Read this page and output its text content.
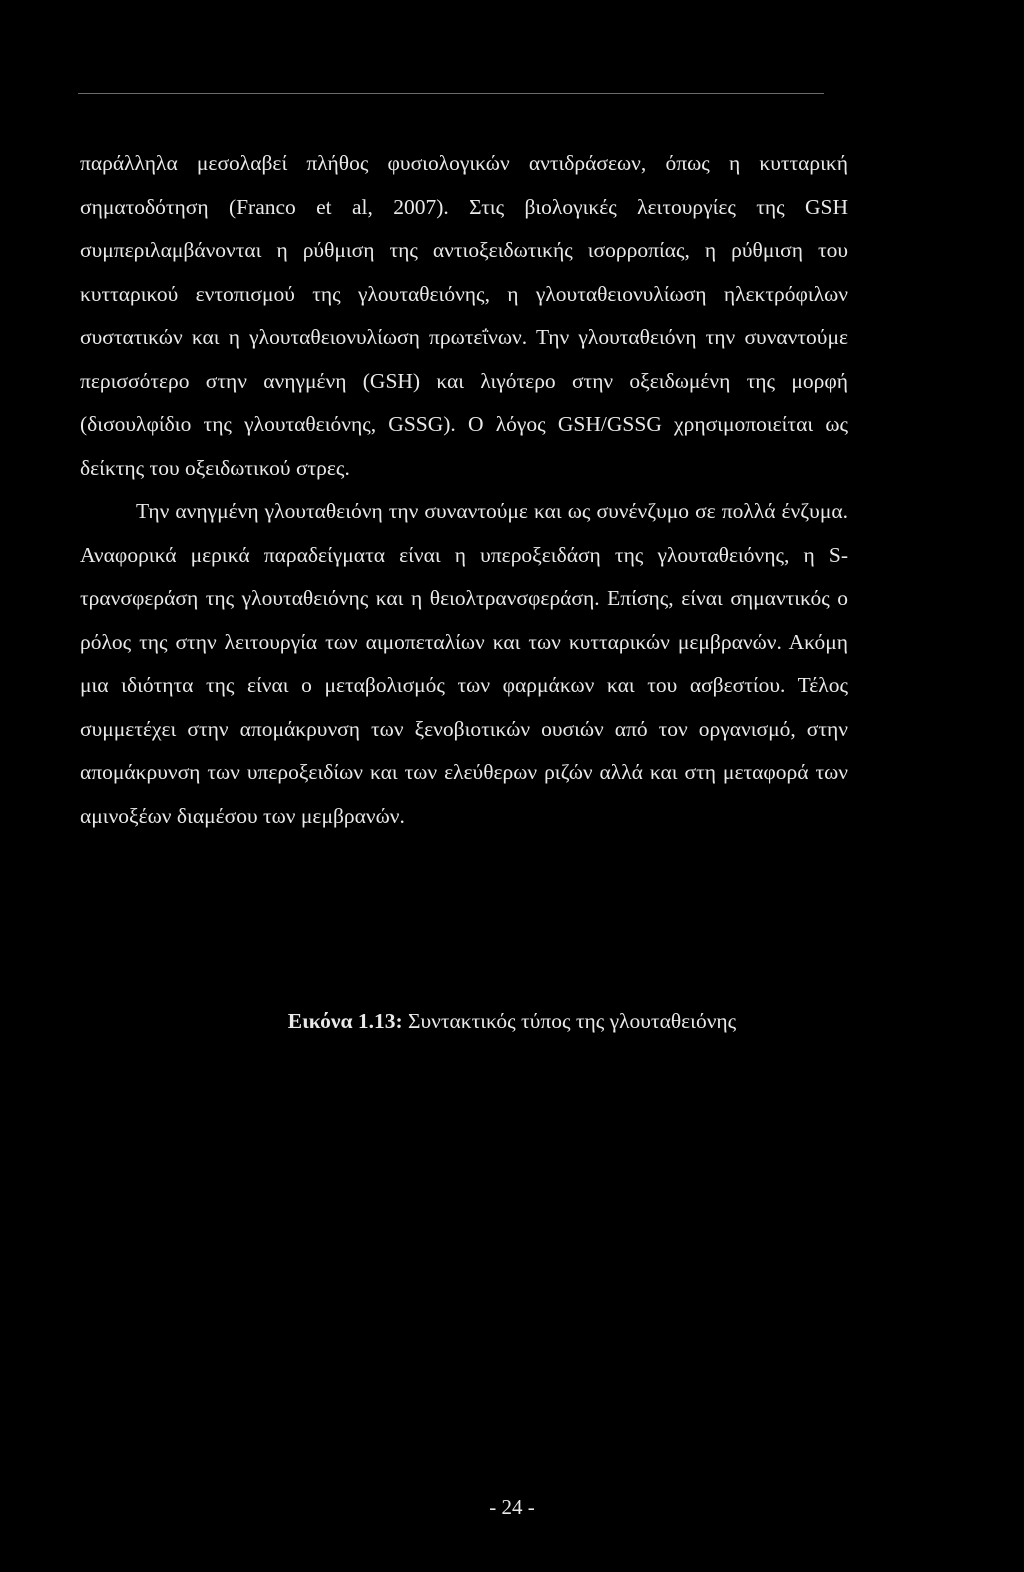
παράλληλα μεσολαβεί πλήθος φυσιολογικών αντιδράσεων, όπως η κυτταρική σηματοδότηση (Franco et al, 2007). Στις βιολογικές λειτουργίες της GSH συμπεριλαμβάνονται η ρύθμιση της αντιοξειδωτικής ισορροπίας, η ρύθμιση του κυτταρικού εντοπισμού της γλουταθειόνης, η γλουταθειονυλίωση ηλεκτρόφιλων συστατικών και η γλουταθειονυλίωση πρωτεΐνων. Την γλουταθειόνη την συναντούμε περισσότερο στην ανηγμένη (GSH) και λιγότερο στην οξειδωμένη της μορφή (δισουλφίδιο της γλουταθειόνης, GSSG). Ο λόγος GSH/GSSG χρησιμοποιείται ως δείκτης του οξειδωτικού στρες.

Την ανηγμένη γλουταθειόνη την συναντούμε και ως συνένζυμο σε πολλά ένζυμα. Αναφορικά μερικά παραδείγματα είναι η υπεροξειδάση της γλουταθειόνης, η S-τρανσφεράση της γλουταθειόνης και η θειολτρανσφεράση. Επίσης, είναι σημαντικός ο ρόλος της στην λειτουργία των αιμοπεταλίων και των κυτταρικών μεμβρανών. Ακόμη μια ιδιότητα της είναι ο μεταβολισμός των φαρμάκων και του ασβεστίου. Τέλος συμμετέχει στην απομάκρυνση των ξενοβιοτικών ουσιών από τον οργανισμό, στην απομάκρυνση των υπεροξειδίων και των ελεύθερων ριζών αλλά και στη μεταφορά των αμινοξέων διαμέσου των μεμβρανών.

Εικόνα 1.13: Συντακτικός τύπος της γλουταθειόνης
- 24 -
